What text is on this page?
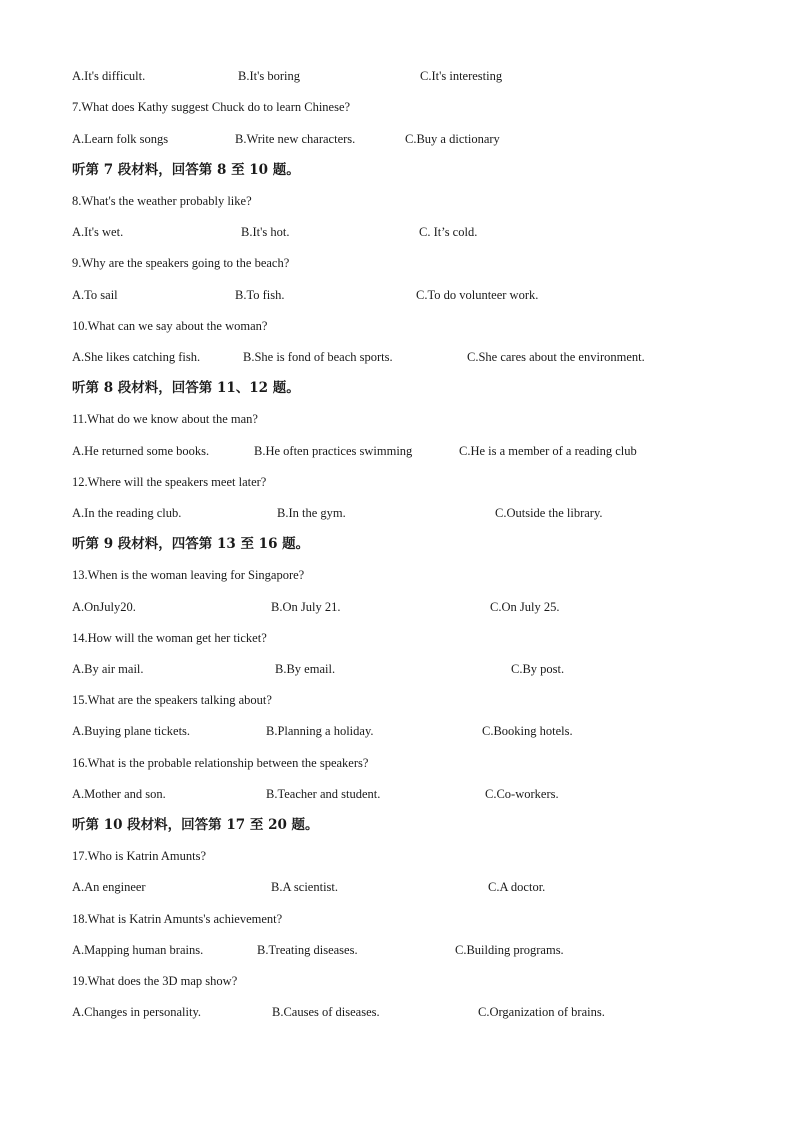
A.It's difficult.	B.It's boring	C.It's interesting
7.What does Kathy suggest Chuck do to learn Chinese?
A.Learn folk songs	B.Write new characters.	C.Buy a dictionary
听第 7 段材料，回答第 8 至 10 题。
8.What's the weather probably like?
A.It's wet.	B.It's hot.	C. It’s cold.
9.Why are the speakers going to the beach?
A.To sail	B.To fish.	C.To do volunteer work.
10.What can we say about the woman?
A.She likes catching fish.	B.She is fond of beach sports.	C.She cares about the environment.
听第 8 段材料，回答第 11、12 题。
11.What do we know about the man?
A.He returned some books.	B.He often practices swimming	C.He is a member of a reading club
12.Where will the speakers meet later?
A.In the reading club.	B.In the gym.	C.Outside the library.
听第 9 段材料，四答第 13 至 16 题。
13.When is the woman leaving for Singapore?
A.OnJuly20.	B.On July 21.	C.On July 25.
14.How will the woman get her ticket?
A.By air mail.	B.By email.	C.By post.
15.What are the speakers talking about?
A.Buying plane tickets.	B.Planning a holiday.	C.Booking hotels.
16.What is the probable relationship between the speakers?
A.Mother and son.	B.Teacher and student.	C.Co-workers.
听第 10 段材料，回答第 17 至 20 题。
17.Who is Katrin Amunts?
A.An engineer	B.A scientist.	C.A doctor.
18.What is Katrin Amunts's achievement?
A.Mapping human brains.	B.Treating diseases.	C.Building programs.
19.What does the 3D map show?
A.Changes in personality.	B.Causes of diseases.	C.Organization of brains.
